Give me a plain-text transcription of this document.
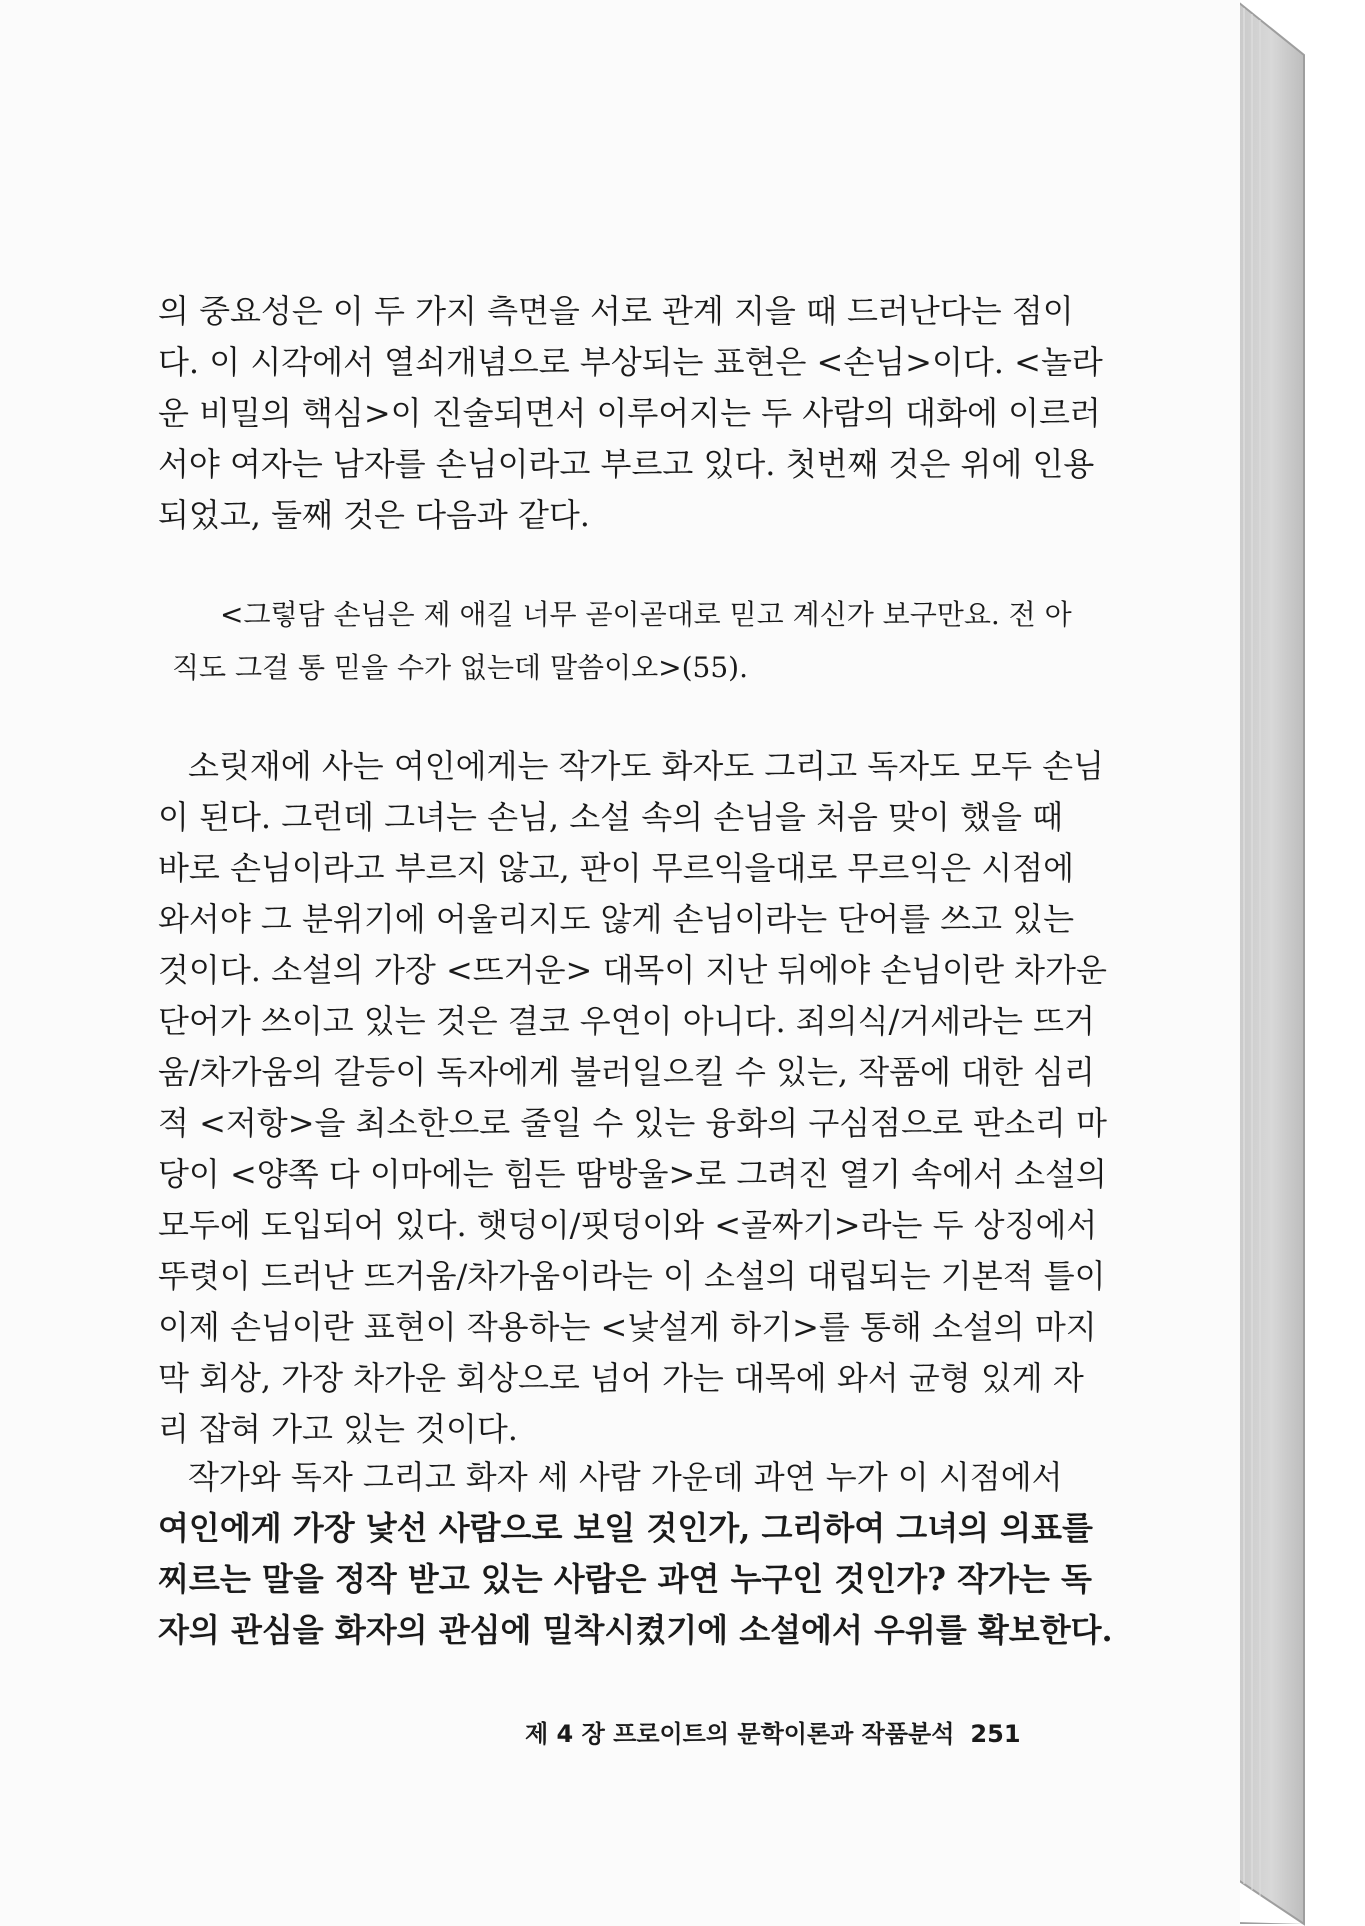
의 중요성은 이 두 가지 측면을 서로 관계 지을 때 드러난다는 점이
다. 이 시각에서 열쇠개념으로 부상되는 표현은 <손님>이다. <놀라
운 비밀의 핵심>이 진술되면서 이루어지는 두 사람의 대화에 이르러
서야 여자는 남자를 손님이라고 부르고 있다. 첫번째 것은 위에 인용
되었고, 둘째 것은 다음과 같다.
<그렇담 손님은 제 애길 너무 곧이곧대로 믿고 계신가 보구만요. 전 아
직도 그걸 통 믿을 수가 없는데 말씀이오>(55).
소릿재에 사는 여인에게는 작가도 화자도 그리고 독자도 모두 손님
이 된다. 그런데 그녀는 손님, 소설 속의 손님을 처음 맞이 했을 때
바로 손님이라고 부르지 않고, 판이 무르익을대로 무르익은 시점에
와서야 그 분위기에 어울리지도 않게 손님이라는 단어를 쓰고 있는
것이다. 소설의 가장 <뜨거운> 대목이 지난 뒤에야 손님이란 차가운
단어가 쓰이고 있는 것은 결코 우연이 아니다. 죄의식/거세라는 뜨거
움/차가움의 갈등이 독자에게 불러일으킬 수 있는, 작품에 대한 심리
적 <저항>을 최소한으로 줄일 수 있는 융화의 구심점으로 판소리 마
당이 <양쪽 다 이마에는 힘든 땀방울>로 그려진 열기 속에서 소설의
모두에 도입되어 있다. 햇덩이/핏덩이와 <골짜기>라는 두 상징에서
뚜렷이 드러난 뜨거움/차가움이라는 이 소설의 대립되는 기본적 틀이
이제 손님이란 표현이 작용하는 <낯설게 하기>를 통해 소설의 마지
막 회상, 가장 차가운 회상으로 넘어 가는 대목에 와서 균형 있게 자
리 잡혀 가고 있는 것이다.
작가와 독자 그리고 화자 세 사람 가운데 과연 누가 이 시점에서
여인에게 가장 낯선 사람으로 보일 것인가, 그리하여 그녀의 의표를
찌르는 말을 정작 받고 있는 사람은 과연 누구인 것인가? 작가는 독
자의 관심을 화자의 관심에 밀착시켰기에 소설에서 우위를 확보한다.
제 4 장 프로이트의 문학이론과 작품분석 251
